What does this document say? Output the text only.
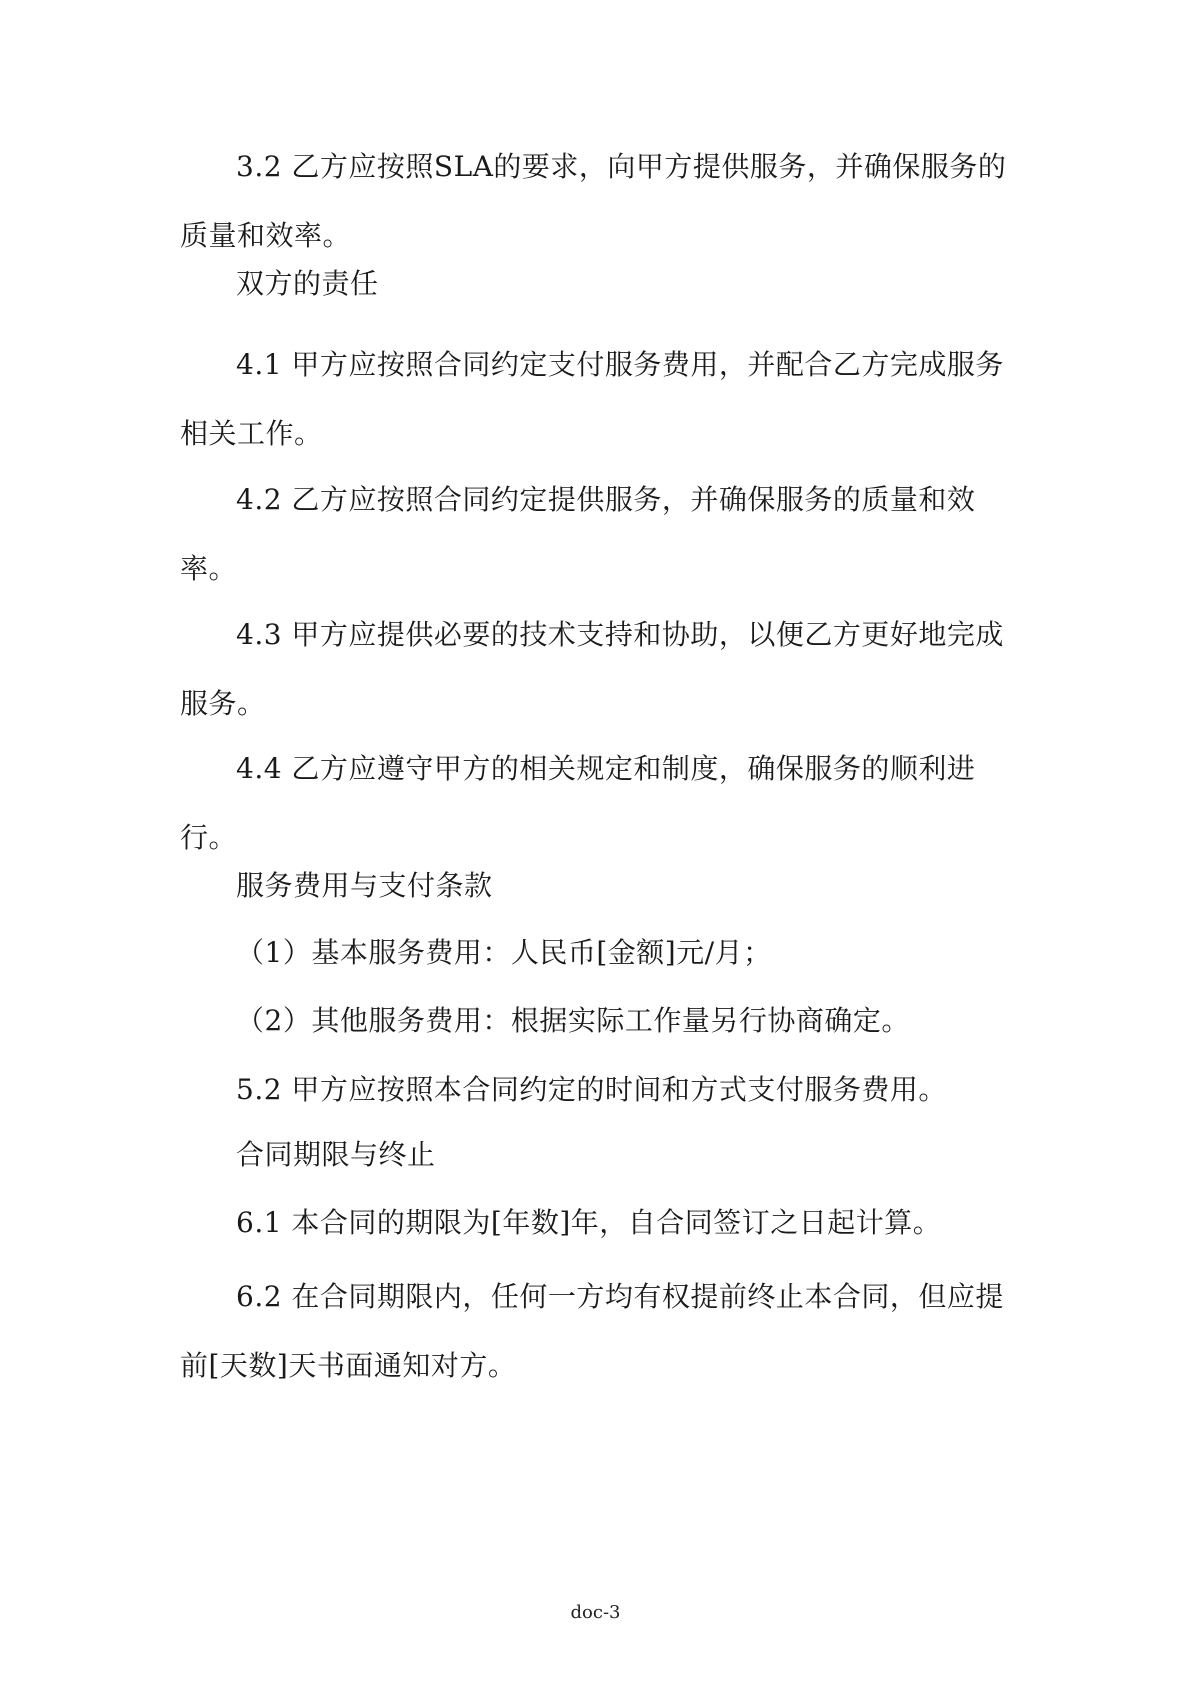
3.2 乙方应按照SLA的要求，向甲方提供服务，并确保服务的质量和效率。

双方的责任

4.1 甲方应按照合同约定支付服务费用，并配合乙方完成服务相关工作。

4.2 乙方应按照合同约定提供服务，并确保服务的质量和效率。

4.3 甲方应提供必要的技术支持和协助，以便乙方更好地完成服务。

4.4 乙方应遵守甲方的相关规定和制度，确保服务的顺利进行。

服务费用与支付条款

（1）基本服务费用：人民币[金额]元/月；

（2）其他服务费用：根据实际工作量另行协商确定。

5.2 甲方应按照本合同约定的时间和方式支付服务费用。

合同期限与终止

6.1 本合同的期限为[年数]年，自合同签订之日起计算。

6.2 在合同期限内，任何一方均有权提前终止本合同，但应提前[天数]天书面通知对方。

doc-3
